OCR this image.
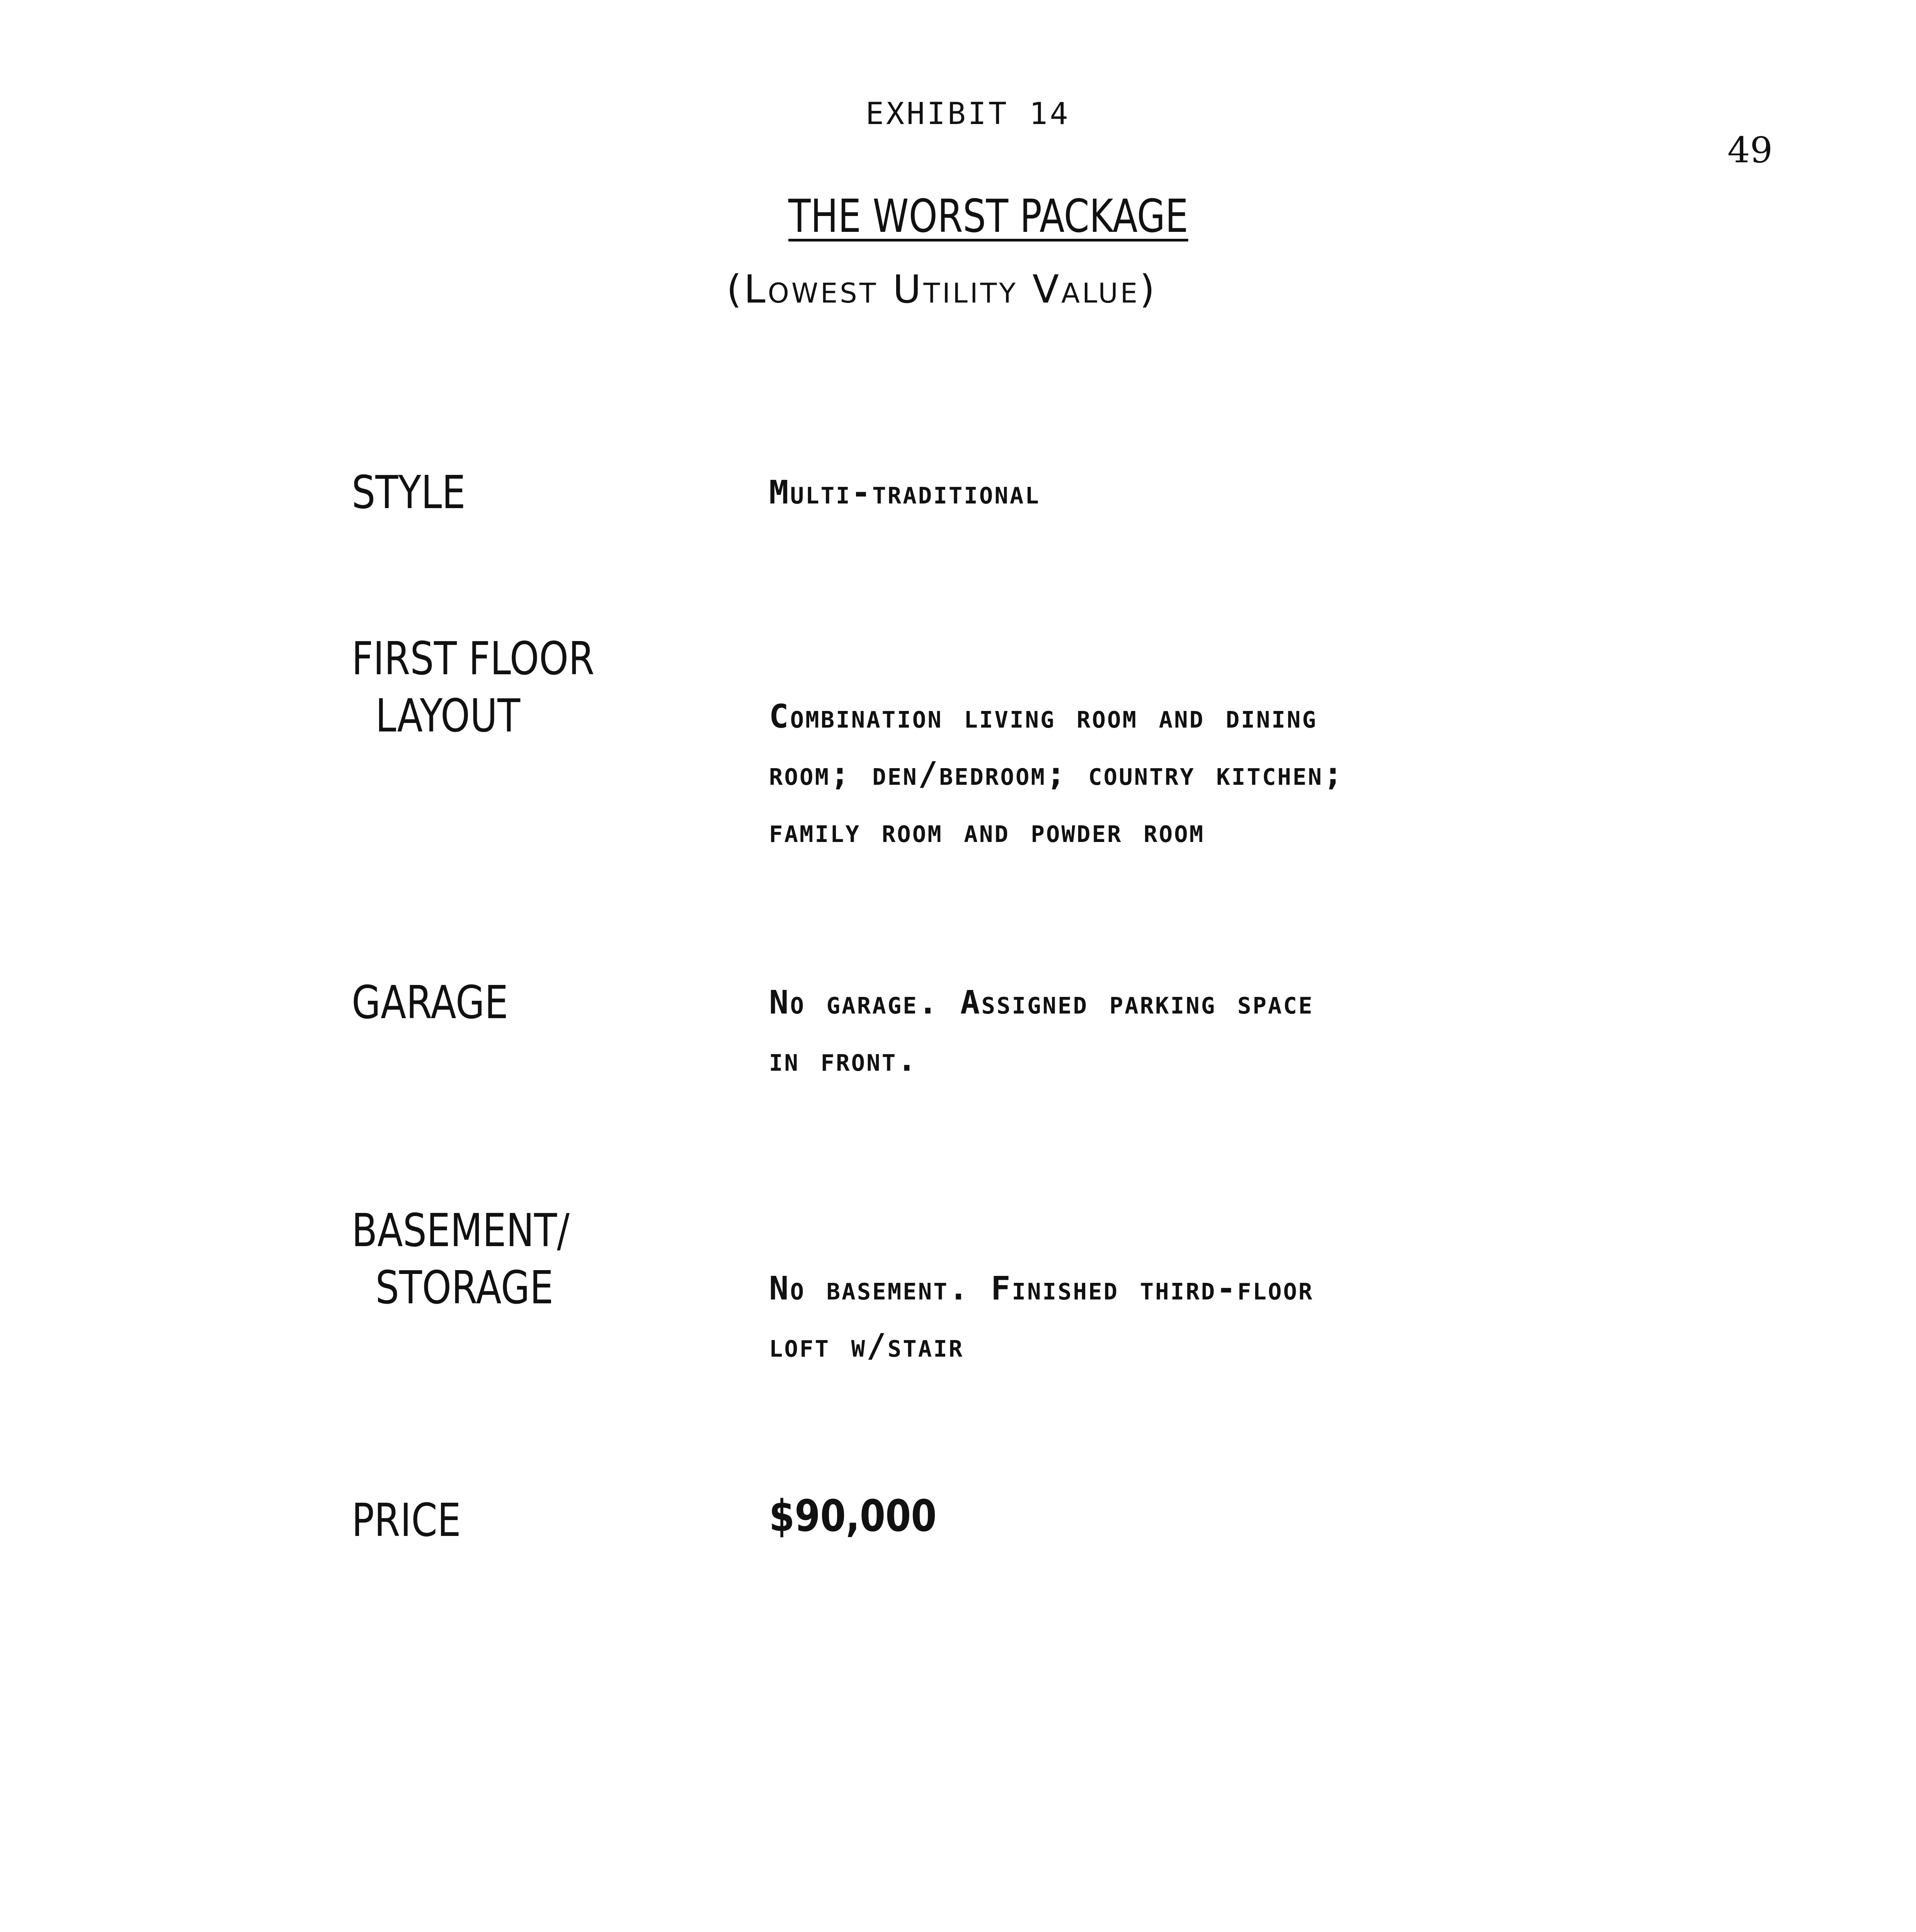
EXHIBIT 14
49
THE WORST PACKAGE
(Lowest Utility Value)
STYLE	Multi-traditional
FIRST FLOOR
LAYOUT	Combination living room and dining
room; den/bedroom; country kitchen;
family room and powder room
GARAGE	No garage. Assigned parking space
in front.
BASEMENT/
STORAGE	No basement. Finished third-floor
loft w/stair
PRICE	$90,000
